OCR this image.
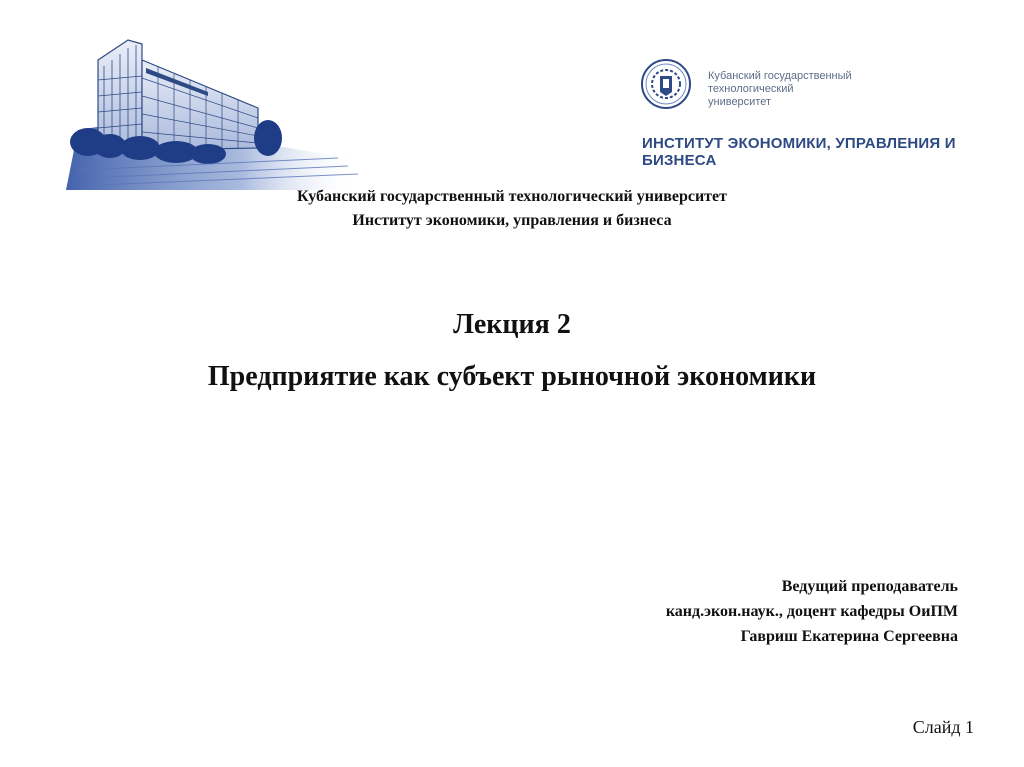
Кубанский государственный
технологический
университет
ИНСТИТУТ ЭКОНОМИКИ, УПРАВЛЕНИЯ И
БИЗНЕСА
Кубанский государственный технологический университет
Институт экономики, управления и бизнеса
Лекция 2
Предприятие как субъект рыночной экономики
Ведущий преподаватель
канд.экон.наук., доцент кафедры ОиПМ
Гавриш Екатерина Сергеевна
Слайд 1
